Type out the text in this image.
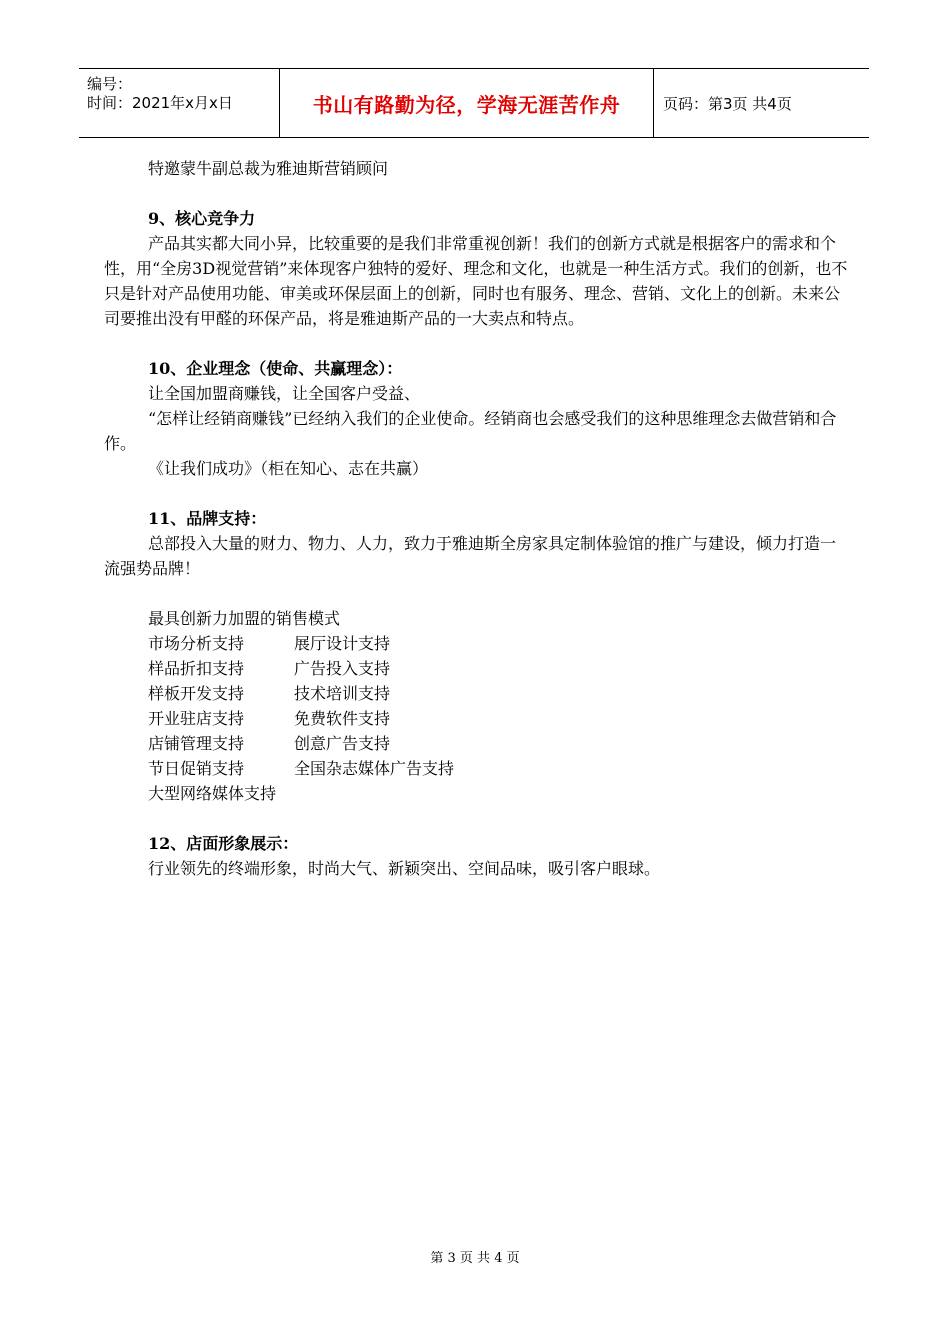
编号：
时间：2021年x月x日	书山有路勤为径，学海无涯苦作舟	页码：第3页 共4页

特邀蒙牛副总裁为雅迪斯营销顾问

9、核心竞争力

产品其实都大同小异，比较重要的是我们非常重视创新！我们的创新方式就是根据客户的需求和个性，用“全房3D视觉营销”来体现客户独特的爱好、理念和文化，也就是一种生活方式。我们的创新，也不只是针对产品使用功能、审美或环保层面上的创新，同时也有服务、理念、营销、文化上的创新。未来公司要推出没有甲醛的环保产品，将是雅迪斯产品的一大卖点和特点。

10、企业理念（使命、共赢理念）：

让全国加盟商赚钱，让全国客户受益、

“怎样让经销商赚钱”已经纳入我们的企业使命。经销商也会感受我们的这种思维理念去做营销和合作。

《让我们成功》（柜在知心、志在共赢）

11、品牌支持：

总部投入大量的财力、物力、人力，致力于雅迪斯全房家具定制体验馆的推广与建设，倾力打造一流强势品牌！

最具创新力加盟的销售模式

市场分析支持	展厅设计支持
样品折扣支持	广告投入支持
样板开发支持	技术培训支持
开业驻店支持	免费软件支持
店铺管理支持	创意广告支持
节日促销支持	全国杂志媒体广告支持

大型网络媒体支持

12、店面形象展示：

行业领先的终端形象，时尚大气、新颖突出、空间品味，吸引客户眼球。

第 3 页 共 4 页
